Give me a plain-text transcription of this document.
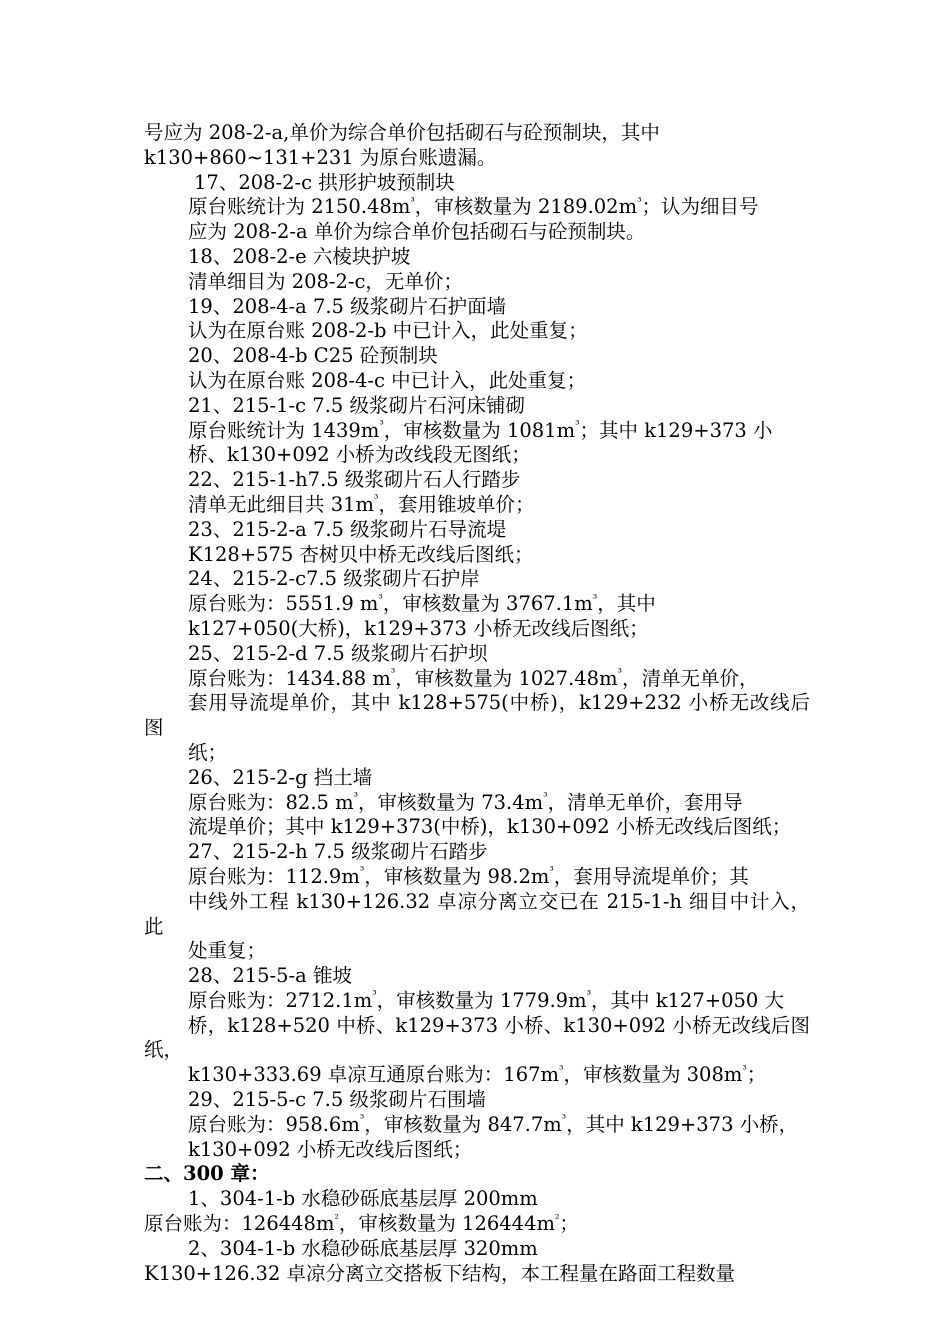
号应为 208-2-a,单价为综合单价包括砌石与砼预制块，其中
k130+860~131+231 为原台账遗漏。
17、208-2-c 拱形护坡预制块
原台账统计为 $2150.48m^{^3}$，审核数量为 $2189.02m^{^3}$；认为细目号
应为 208-2-a 单价为综合单价包括砌石与砼预制块。
18、208-2-e 六棱块护坡
清单细目为 208-2-c，无单价；
19、208-4-a 7.5 级浆砌片石护面墙
认为在原台账 208-2-b 中已计入，此处重复；
20、208-4-b C25 砼预制块
认为在原台账 208-4-c 中已计入，此处重复；
21、215-1-c 7.5 级浆砌片石河床铺砌
原台账统计为 $1439m^{^3}$，审核数量为 $1081m^{^3}$；其中 k129+373 小
桥、k130+092 小桥为改线段无图纸；
22、215-1-h7.5 级浆砌片石人行踏步
清单无此细目共 $31m^{^3}$，套用锥坡单价；
23、215-2-a 7.5 级浆砌片石导流堤
K128+575 杏树贝中桥无改线后图纸；
24、215-2-c7.5 级浆砌片石护岸
原台账为：5551.9 $m^{^3}$，审核数量为 $3767.1m^{^3}$，其中
k127+050(大桥)，k129+373 小桥无改线后图纸；
25、215-2-d 7.5 级浆砌片石护坝
原台账为：1434.88 $m^{^3}$，审核数量为 $1027.48m^{^3}$，清单无单价，
套用导流堤单价，其中 k128+575(中桥)，k129+232 小桥无改线后图
纸；
26、215-2-g 挡土墙
原台账为：82.5 $m^{^3}$，审核数量为 $73.4m^{^3}$，清单无单价，套用导
流堤单价；其中 k129+373(中桥)，k130+092 小桥无改线后图纸；
27、215-2-h 7.5 级浆砌片石踏步
原台账为：$112.9m^{^3}$，审核数量为 $98.2m^{^3}$，套用导流堤单价；其
中线外工程 k130+126.32 卓凉分离立交已在 215-1-h 细目中计入，此
处重复；
28、215-5-a 锥坡
原台账为：$2712.1m^{^3}$，审核数量为 $1779.9m^{^3}$，其中 k127+050 大
桥，k128+520 中桥、k129+373 小桥、k130+092 小桥无改线后图纸，
k130+333.69 卓凉互通原台账为：$167m^{^3}$，审核数量为 $308m^{^3}$；
29、215-5-c 7.5 级浆砌片石围墙
原台账为：$958.6m^{^3}$，审核数量为 $847.7m^{^3}$，其中 k129+373 小桥，
k130+092 小桥无改线后图纸；
二、300 章：
1、304-1-b 水稳砂砾底基层厚 200mm
原台账为：$126448m^{^2}$，审核数量为 $126444m^{^2}$；
2、304-1-b 水稳砂砾底基层厚 320mm
K130+126.32 卓凉分离立交搭板下结构，本工程量在路面工程数量
